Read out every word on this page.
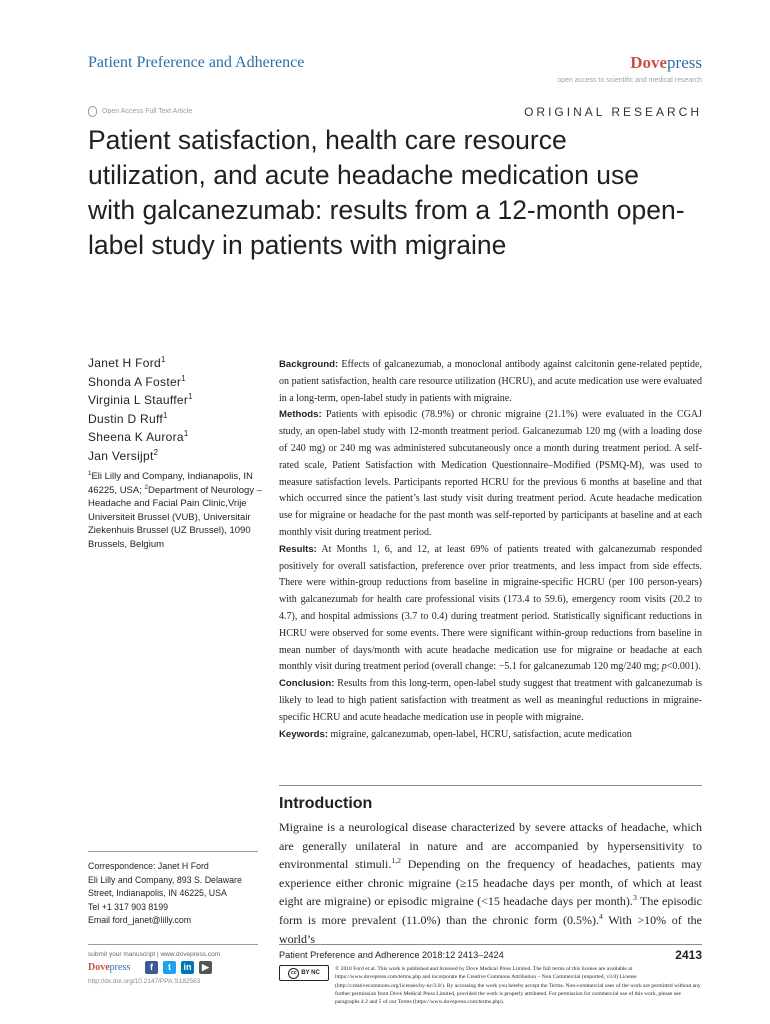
Patient Preference and Adherence	Dovepress
open access to scientific and medical research
Open Access Full Text Article	ORIGINAL RESEARCH
Patient satisfaction, health care resource utilization, and acute headache medication use with galcanezumab: results from a 12-month open-label study in patients with migraine
Janet H Ford$^1$
Shonda A Foster$^1$
Virginia L Stauffer$^1$
Dustin D Ruff$^1$
Sheena K Aurora$^1$
Jan Versijpt$^2$
$^1$Eli Lilly and Company, Indianapolis, IN 46225, USA; $^2$Department of Neurology – Headache and Facial Pain Clinic,Vrije Universiteit Brussel (VUB), Universitair Ziekenhuis Brussel (UZ Brussel), 1090 Brussels, Belgium

Background: Effects of galcanezumab, a monoclonal antibody against calcitonin gene-related peptide, on patient satisfaction, health care resource utilization (HCRU), and acute medication use were evaluated in a long-term, open-label study in patients with migraine.

Methods: Patients with episodic (78.9%) or chronic migraine (21.1%) were evaluated in the CGAJ study, an open-label study with 12-month treatment period. Galcanezumab 120 mg (with a loading dose of 240 mg) or 240 mg was administered subcutaneously once a month during treatment period. A self-rated scale, Patient Satisfaction with Medication Questionnaire–Modified (PSMQ-M), was used to measure satisfaction levels. Participants reported HCRU for the previous 6 months at baseline and that which occurred since the patient’s last study visit during treatment period. Acute headache medication use for migraine or headache for the past month was self-reported by participants at baseline and at each monthly visit during treatment period.

Results: At Months 1, 6, and 12, at least 69% of patients treated with galcanezumab responded positively for overall satisfaction, preference over prior treatments, and less impact from side effects. There were within-group reductions from baseline in migraine-specific HCRU (per 100 person-years) with galcanezumab for health care professional visits (173.4 to 59.6), emergency room visits (20.2 to 4.7), and hospital admissions (3.7 to 0.4) during treatment period. Statistically significant reductions in HCRU were observed for some events. There were significant within-group reductions from baseline in mean number of days/month with acute headache medication use for migraine or headache at each monthly visit during treatment period (overall change: −5.1 for galcanezumab 120 mg/240 mg; p<0.001).

Conclusion: Results from this long-term, open-label study suggest that treatment with galcanezumab is likely to lead to high patient satisfaction with treatment as well as meaningful reductions in migraine-specific HCRU and acute headache medication use in people with migraine.

Keywords: migraine, galcanezumab, open-label, HCRU, satisfaction, acute medication

Introduction
Migraine is a neurological disease characterized by severe attacks of headache, which are generally unilateral in nature and are accompanied by hypersensitivity to environmental stimuli.$^{1,2}$ Depending on the frequency of headaches, patients may experience either chronic migraine (≥15 headache days per month, of which at least eight are migraine) or episodic migraine (<15 headache days per month).$^3$ The episodic form is more prevalent (11.0%) than the chronic form (0.5%).$^4$ With >10% of the world’s
Correspondence: Janet H Ford
Eli Lilly and Company, 893 S. Delaware
Street, Indianapolis, IN 46225, USA
Tel +1 317 903 8199
Email ford_janet@lilly.com
submit your manuscript | www.dovepress.com
Dovepress	f	t	in	▶
http://dx.doi.org/10.2147/PPA.S182563
Patient Preference and Adherence 2018:12 2413–2424	2413
cc BY NC
© 2018 Ford et al. This work is published and licensed by Dove Medical Press Limited. The full terms of this license are available at https://www.dovepress.com/terms.php and incorporate the Creative Commons Attribution – Non Commercial (unported, v3.0) License (http://creativecommons.org/licenses/by-nc/3.0/). By accessing the work you hereby accept the Terms. Non-commercial uses of the work are permitted without any further permission from Dove Medical Press Limited, provided the work is properly attributed. For permission for commercial use of this work, please see paragraphs 4.2 and 5 of our Terms (https://www.dovepress.com/terms.php).
